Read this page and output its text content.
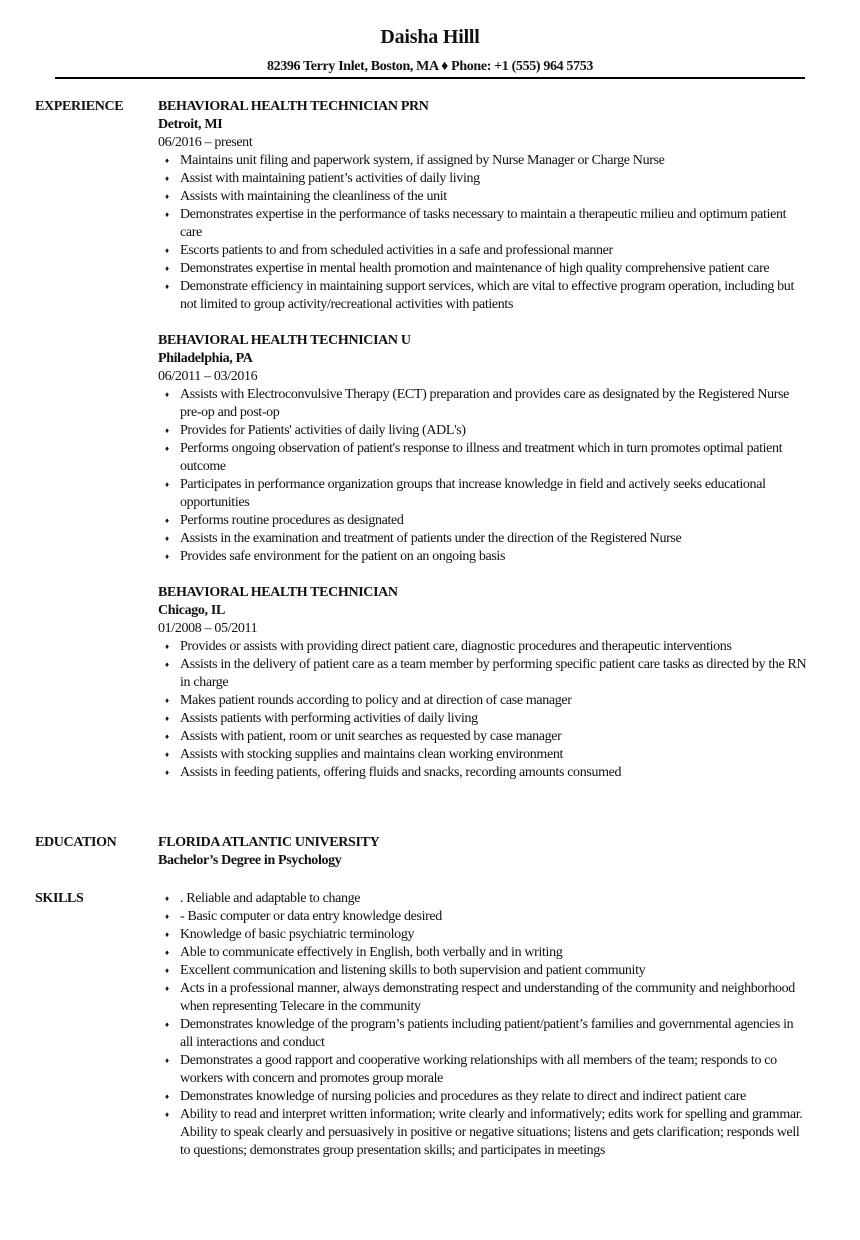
Daisha Hilll
82396 Terry Inlet, Boston, MA ♦ Phone: +1 (555) 964 5753
EXPERIENCE	BEHAVIORAL HEALTH TECHNICIAN PRN
Detroit, MI
06/2016 – present
♦ Maintains unit filing and paperwork system, if assigned by Nurse Manager or Charge Nurse
♦ Assist with maintaining patient’s activities of daily living
♦ Assists with maintaining the cleanliness of the unit
♦ Demonstrates expertise in the performance of tasks necessary to maintain a therapeutic milieu and optimum patient care
♦ Escorts patients to and from scheduled activities in a safe and professional manner
♦ Demonstrates expertise in mental health promotion and maintenance of high quality comprehensive patient care
♦ Demonstrate efficiency in maintaining support services, which are vital to effective program operation, including but not limited to group activity/recreational activities with patients
BEHAVIORAL HEALTH TECHNICIAN U
Philadelphia, PA
06/2011 – 03/2016
♦ Assists with Electroconvulsive Therapy (ECT) preparation and provides care as designated by the Registered Nurse pre-op and post-op
♦ Provides for Patients' activities of daily living (ADL's)
♦ Performs ongoing observation of patient's response to illness and treatment which in turn promotes optimal patient outcome
♦ Participates in performance organization groups that increase knowledge in field and actively seeks educational opportunities
♦ Performs routine procedures as designated
♦ Assists in the examination and treatment of patients under the direction of the Registered Nurse
♦ Provides safe environment for the patient on an ongoing basis
BEHAVIORAL HEALTH TECHNICIAN
Chicago, IL
01/2008 – 05/2011
♦ Provides or assists with providing direct patient care, diagnostic procedures and therapeutic interventions
♦ Assists in the delivery of patient care as a team member by performing specific patient care tasks as directed by the RN in charge
♦ Makes patient rounds according to policy and at direction of case manager
♦ Assists patients with performing activities of daily living
♦ Assists with patient, room or unit searches as requested by case manager
♦ Assists with stocking supplies and maintains clean working environment
♦ Assists in feeding patients, offering fluids and snacks, recording amounts consumed
EDUCATION	FLORIDA ATLANTIC UNIVERSITY
Bachelor’s Degree in Psychology
SKILLS	♦ . Reliable and adaptable to change
♦ - Basic computer or data entry knowledge desired
♦ Knowledge of basic psychiatric terminology
♦ Able to communicate effectively in English, both verbally and in writing
♦ Excellent communication and listening skills to both supervision and patient community
♦ Acts in a professional manner, always demonstrating respect and understanding of the community and neighborhood when representing Telecare in the community
♦ Demonstrates knowledge of the program’s patients including patient/patient’s families and governmental agencies in all interactions and conduct
♦ Demonstrates a good rapport and cooperative working relationships with all members of the team; responds to co workers with concern and promotes group morale
♦ Demonstrates knowledge of nursing policies and procedures as they relate to direct and indirect patient care
♦ Ability to read and interpret written information; write clearly and informatively; edits work for spelling and grammar. Ability to speak clearly and persuasively in positive or negative situations; listens and gets clarification; responds well to questions; demonstrates group presentation skills; and participates in meetings
